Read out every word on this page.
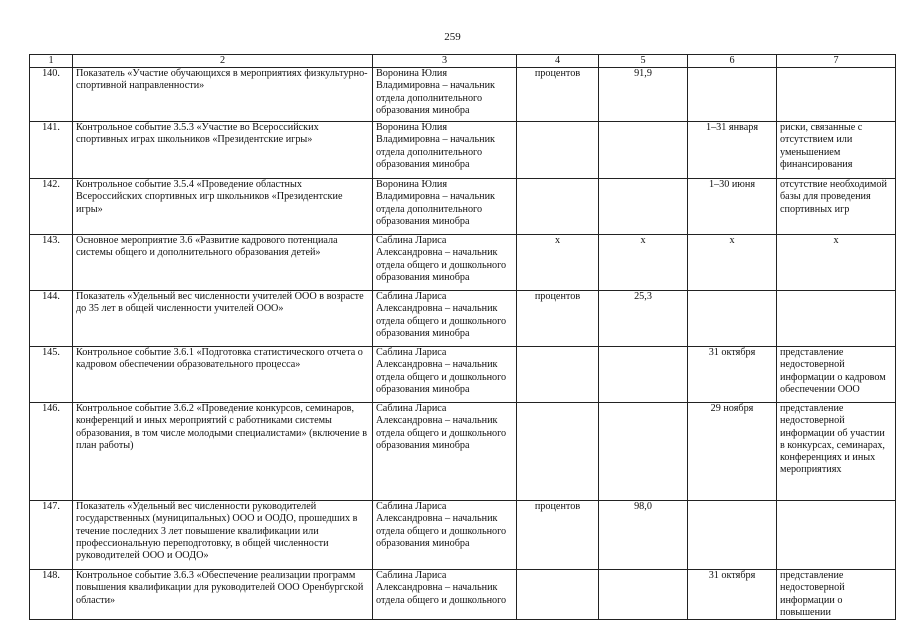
259
1	2	3	4	5	6	7
140.	Показатель «Участие обучающихся в мероприятиях физкультурно-спортивной направленности»	Воронина Юлия Владимировна – начальник отдела дополнительного образования минобра	процентов	91,9		
141.	Контрольное событие 3.5.3 «Участие во Всероссийских спортивных играх школьников «Президентские игры»	Воронина Юлия Владимировна – начальник отдела дополнительного образования минобра			1–31 января	риски, связанные с отсутствием или уменьшением финансирования
142.	Контрольное событие 3.5.4 «Проведение областных Всероссийских спортивных игр школьников «Президентские игры»	Воронина Юлия Владимировна – начальник отдела дополнительного образования минобра			1–30 июня	отсутствие необходимой базы для проведения спортивных игр
143.	Основное мероприятие 3.6 «Развитие кадрового потенциала системы общего и дополнительного образования детей»	Саблина Лариса Александровна – начальник отдела общего и дошкольного образования минобра	х	х	х	х
144.	Показатель «Удельный вес численности учителей ООО в возрасте до 35 лет в общей численности учителей ООО»	Саблина Лариса Александровна – начальник отдела общего и дошкольного образования минобра	процентов	25,3		
145.	Контрольное событие 3.6.1 «Подготовка статистического отчета о кадровом обеспечении образовательного процесса»	Саблина Лариса Александровна – начальник отдела общего и дошкольного образования минобра			31 октября	представление недостоверной информации о кадровом обеспечении ООО
146.	Контрольное событие 3.6.2 «Проведение конкурсов, семинаров, конференций и иных мероприятий с работниками системы образования, в том числе молодыми специалистами» (включение в план работы)	Саблина Лариса Александровна – начальник отдела общего и дошкольного образования минобра			29 ноября	представление недостоверной информации об участии в конкурсах, семинарах, конференциях и иных мероприятиях
147.	Показатель «Удельный вес численности руководителей государственных (муниципальных) ООО и ООДО, прошедших в течение последних 3 лет повышение квалификации или профессиональную переподготовку, в общей численности руководителей ООО и ООДО»	Саблина Лариса Александровна – начальник отдела общего и дошкольного образования минобра	процентов	98,0		
148.	Контрольное событие 3.6.3 «Обеспечение реализации программ повышения квалификации для руководителей ООО Оренбургской области»	Саблина Лариса Александровна – начальник отдела общего и дошкольного			31 октября	представление недостоверной информации о повышении
